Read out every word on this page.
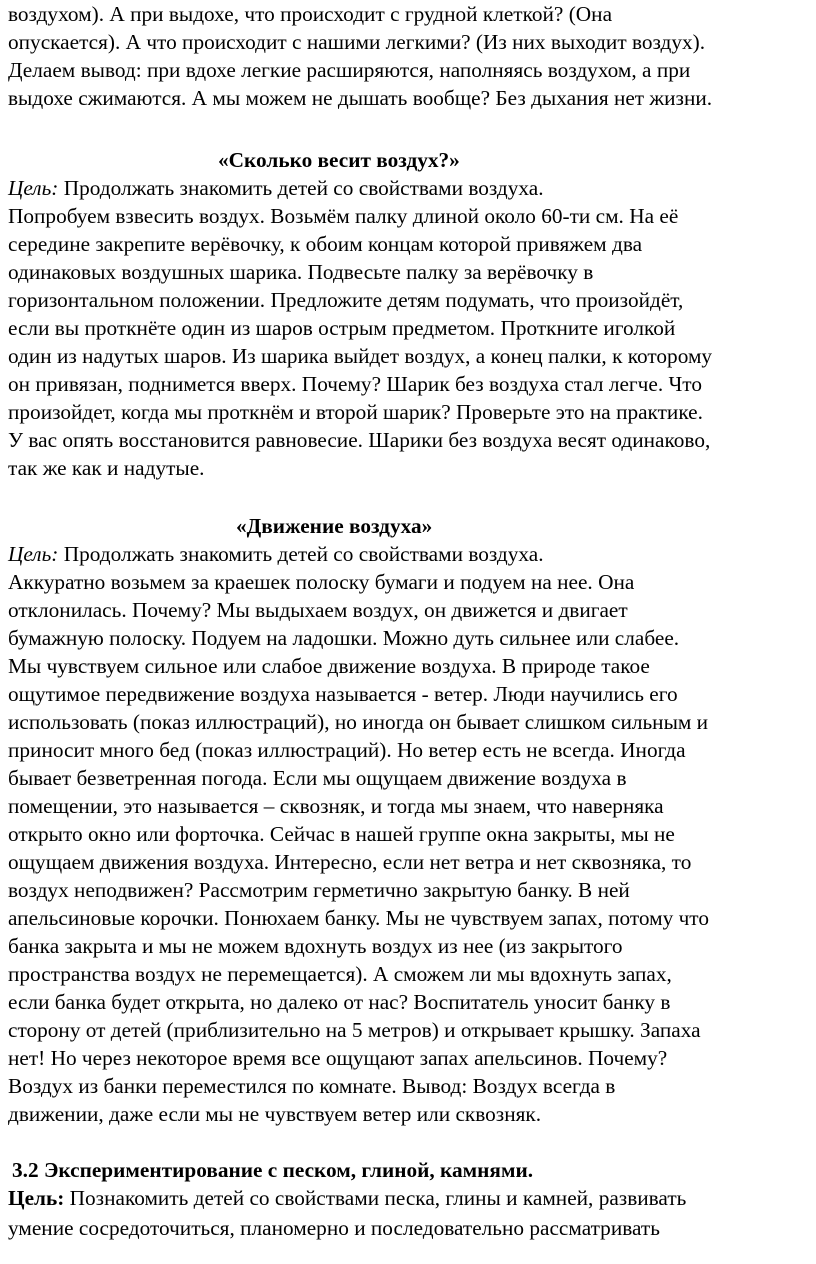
воздухом). А при выдохе, что происходит с грудной клеткой? (Она
опускается). А что происходит с нашими легкими? (Из них выходит воздух).
Делаем вывод: при вдохе легкие расширяются, наполняясь воздухом, а при
выдохе сжимаются. А мы можем не дышать вообще? Без дыхания нет жизни.
«Сколько весит воздух?»
Цель: Продолжать знакомить детей со свойствами воздуха.
Попробуем взвесить воздух. Возьмём палку длиной около 60-ти см. На её
середине закрепите верёвочку, к обоим концам которой привяжем два
одинаковых воздушных шарика. Подвесьте палку за верёвочку в
горизонтальном положении. Предложите детям подумать, что произойдёт,
если вы проткнёте один из шаров острым предметом. Проткните иголкой
один из надутых шаров. Из шарика выйдет воздух, а конец палки, к которому
он привязан, поднимется вверх. Почему? Шарик без воздуха стал легче. Что
произойдет, когда мы проткнём и второй шарик? Проверьте это на практике.
У вас опять восстановится равновесие. Шарики без воздуха весят одинаково,
так же как и надутые.
«Движение воздуха»
Цель: Продолжать знакомить детей со свойствами воздуха.
Аккуратно возьмем за краешек полоску бумаги и подуем на нее. Она
отклонилась. Почему? Мы выдыхаем воздух, он движется и двигает
бумажную полоску. Подуем на ладошки. Можно дуть сильнее или слабее.
Мы чувствуем сильное или слабое движение воздуха. В природе такое
ощутимое передвижение воздуха называется - ветер. Люди научились его
использовать (показ иллюстраций), но иногда он бывает слишком сильным и
приносит много бед (показ иллюстраций). Но ветер есть не всегда. Иногда
бывает безветренная погода. Если мы ощущаем движение воздуха в
помещении, это называется – сквозняк, и тогда мы знаем, что наверняка
открыто окно или форточка. Сейчас в нашей группе окна закрыты, мы не
ощущаем движения воздуха. Интересно, если нет ветра и нет сквозняка, то
воздух неподвижен? Рассмотрим герметично закрытую банку. В ней
апельсиновые корочки. Понюхаем банку. Мы не чувствуем запах, потому что
банка закрыта и мы не можем вдохнуть воздух из нее (из закрытого
пространства воздух не перемещается). А сможем ли мы вдохнуть запах,
если банка будет открыта, но далеко от нас? Воспитатель уносит банку в
сторону от детей (приблизительно на 5 метров) и открывает крышку. Запаха
нет! Но через некоторое время все ощущают запах апельсинов. Почему?
Воздух из банки переместился по комнате. Вывод: Воздух всегда в
движении, даже если мы не чувствуем ветер или сквозняк.
3.2 Экспериментирование с песком, глиной, камнями.
Цель: Познакомить детей со свойствами песка, глины и камней, развивать
умение сосредоточиться, планомерно и последовательно рассматривать
